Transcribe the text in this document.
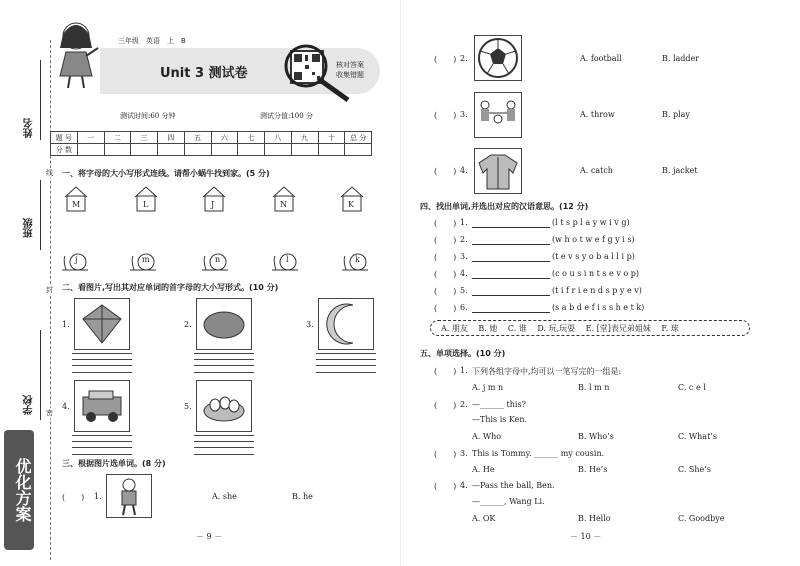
姓名
班级
学校
线
封
密
优化方案
三年级　英语　上　B
Unit 3 测试卷
核对答案
收集错题
测试时间:60 分钟	测试分值:100 分
题 号	一	二	三	四	五	六	七	八	九	十	总 分
分 数											
一、将字母的大小写形式连线。请帮小蜗牛找到家。(5 分)
M	L	J	N	K
j	m	n	l	k
二、看图片,写出其对应单词的首字母的大小写形式。(10 分)
1.	2.	3.
4.	5.
三、根据图片选单词。(8 分)
(　　) 1.	A. she	B. he
－ 9 －
(　　) 2.	A. football	B. ladder
(　　) 3.	A. throw	B. play
(　　) 4.	A. catch	B. jacket
四、找出单词,并选出对应的汉语意思。(12 分)
(　　) 1.	(l t s p l a y w i v g)
(　　) 2.	(w h o t w e f g y i s)
(　　) 3.	(t e v s y o b a l l i p)
(　　) 4.	(c o u s i n t s e v o p)
(　　) 5.	(t i f r i e n d s p y e v)
(　　) 6.	(s a b d e f i s s h e t k)
A. 朋友　 B. 她　 C. 谁　 D. 玩,玩耍　 E. [堂]表兄弟姐妹　 F. 球
五、单项选择。(10 分)
(　　) 1. 下列各组字母中,均可以一笔写完的一组是:
A. j m n	B. l m n	C. c e l
(　　) 2. —______ this?
—This is Ken.
A. Who	B. Who’s	C. What’s
(　　) 3. This is Tommy. ______ my cousin.
A. He	B. He’s	C. She’s
(　　) 4. —Pass the ball, Ben.
—______, Wang Li.
A. OK	B. Hello	C. Goodbye
－ 10 －
